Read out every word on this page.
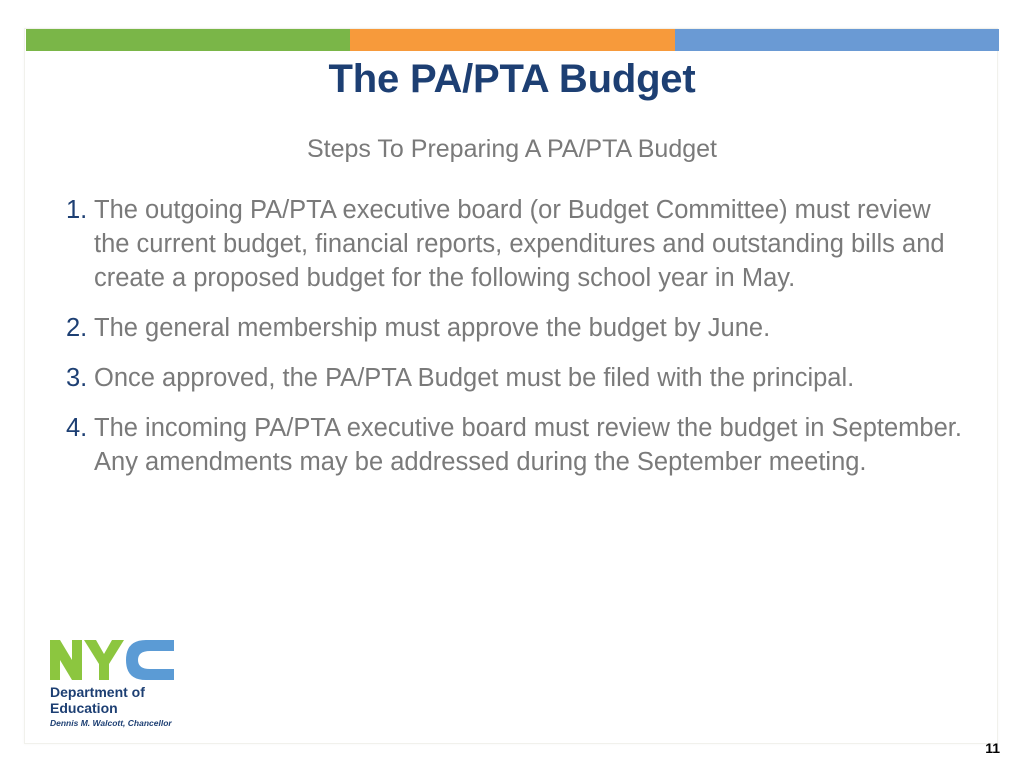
The PA/PTA Budget
Steps To Preparing A PA/PTA Budget
1. The outgoing PA/PTA executive board (or Budget Committee) must review the current budget, financial reports, expenditures and outstanding bills and create a proposed budget for the following school year in May.
2. The general membership must approve the budget by June.
3. Once approved, the PA/PTA Budget must be filed with the principal.
4. The incoming PA/PTA executive board must review the budget in September. Any amendments may be addressed during the September meeting.
Department of Education
Dennis M. Walcott, Chancellor
11
